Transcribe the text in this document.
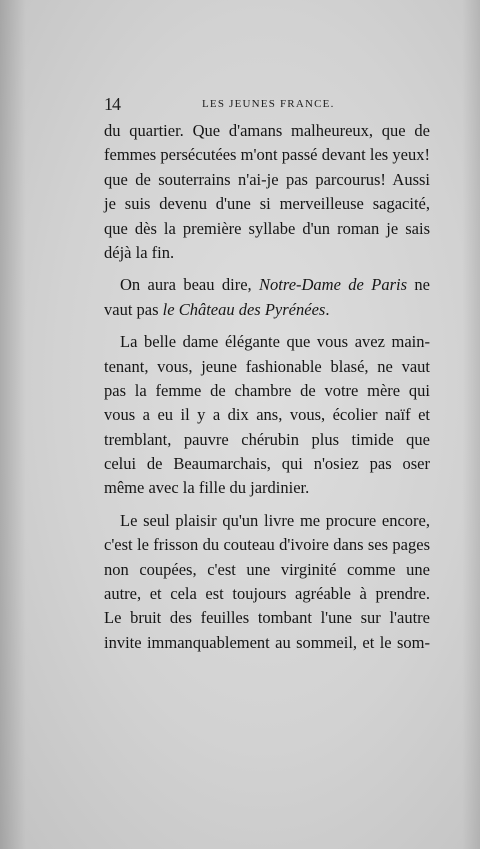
14	LES JEUNES FRANCE.
du quartier. Que d'amans malheureux, que de
femmes persécutées m'ont passé devant les yeux!
que de souterrains n'ai-je pas parcourus! Aussi
je suis devenu d'une si merveilleuse sagacité,
que dès la première syllabe d'un roman je sais
déjà la fin.
On aura beau dire, Notre-Dame de Paris ne
vaut pas le Château des Pyrénées.
La belle dame élégante que vous avez main-
tenant, vous, jeune fashionable blasé, ne vaut
pas la femme de chambre de votre mère qui
vous a eu il y a dix ans, vous, écolier naïf et
tremblant, pauvre chérubin plus timide que
celui de Beaumarchais, qui n'osiez pas oser
même avec la fille du jardinier.
Le seul plaisir qu'un livre me procure encore,
c'est le frisson du couteau d'ivoire dans ses pages
non coupées, c'est une virginité comme une
autre, et cela est toujours agréable à prendre.
Le bruit des feuilles tombant l'une sur l'autre
invite immanquablement au sommeil, et le som-
